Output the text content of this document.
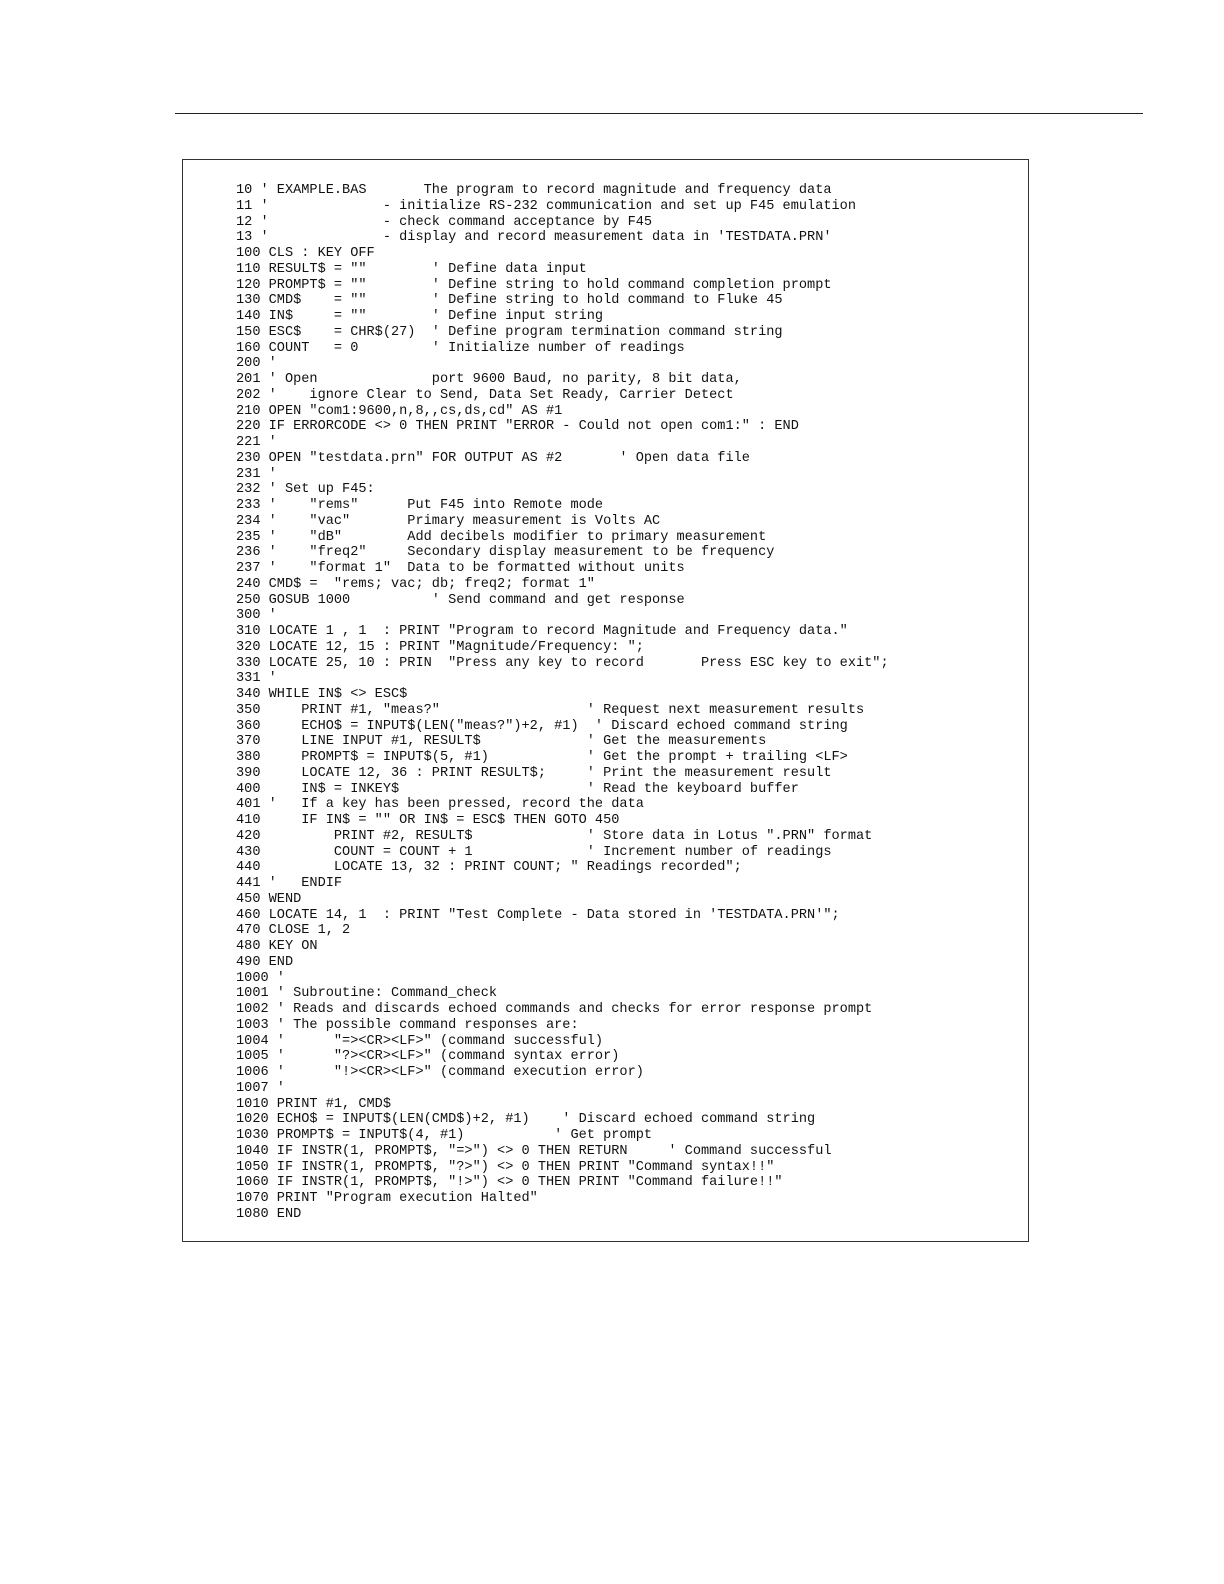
10 ' EXAMPLE.BAS       The program to record magnitude and frequency data
11 '              - initialize RS-232 communication and set up F45 emulation
12 '              - check command acceptance by F45
13 '              - display and record measurement data in 'TESTDATA.PRN'
100 CLS : KEY OFF
110 RESULT$ = ""        ' Define data input
120 PROMPT$ = ""        ' Define string to hold command completion prompt
130 CMD$    = ""        ' Define string to hold command to Fluke 45
140 IN$     = ""        ' Define input string
150 ESC$    = CHR$(27)  ' Define program termination command string
160 COUNT   = 0         ' Initialize number of readings
200 '
201 ' Open              port 9600 Baud, no parity, 8 bit data,
202 '    ignore Clear to Send, Data Set Ready, Carrier Detect
210 OPEN "com1:9600,n,8,,cs,ds,cd" AS #1
220 IF ERRORCODE <> 0 THEN PRINT "ERROR - Could not open com1:" : END
221 '
230 OPEN "testdata.prn" FOR OUTPUT AS #2       ' Open data file
231 '
232 ' Set up F45:
233 '    "rems"      Put F45 into Remote mode
234 '    "vac"       Primary measurement is Volts AC
235 '    "dB"        Add decibels modifier to primary measurement
236 '    "freq2"     Secondary display measurement to be frequency
237 '    "format 1"  Data to be formatted without units
240 CMD$ =  "rems; vac; db; freq2; format 1"
250 GOSUB 1000          ' Send command and get response
300 '
310 LOCATE 1 , 1  : PRINT "Program to record Magnitude and Frequency data."
320 LOCATE 12, 15 : PRINT "Magnitude/Frequency: ";
330 LOCATE 25, 10 : PRIN  "Press any key to record       Press ESC key to exit";
331 '
340 WHILE IN$ <> ESC$
350     PRINT #1, "meas?"                  ' Request next measurement results
360     ECHO$ = INPUT$(LEN("meas?")+2, #1)  ' Discard echoed command string
370     LINE INPUT #1, RESULT$             ' Get the measurements
380     PROMPT$ = INPUT$(5, #1)            ' Get the prompt + trailing <LF>
390     LOCATE 12, 36 : PRINT RESULT$;     ' Print the measurement result
400     IN$ = INKEY$                       ' Read the keyboard buffer
401 '   If a key has been pressed, record the data
410     IF IN$ = "" OR IN$ = ESC$ THEN GOTO 450
420         PRINT #2, RESULT$              ' Store data in Lotus ".PRN" format
430         COUNT = COUNT + 1              ' Increment number of readings
440         LOCATE 13, 32 : PRINT COUNT; " Readings recorded";
441 '   ENDIF
450 WEND
460 LOCATE 14, 1  : PRINT "Test Complete - Data stored in 'TESTDATA.PRN'";
470 CLOSE 1, 2
480 KEY ON
490 END
1000 '
1001 ' Subroutine: Command_check
1002 ' Reads and discards echoed commands and checks for error response prompt
1003 ' The possible command responses are:
1004 '      "=><CR><LF>" (command successful)
1005 '      "?><CR><LF>" (command syntax error)
1006 '      "!><CR><LF>" (command execution error)
1007 '
1010 PRINT #1, CMD$
1020 ECHO$ = INPUT$(LEN(CMD$)+2, #1)    ' Discard echoed command string
1030 PROMPT$ = INPUT$(4, #1)           ' Get prompt
1040 IF INSTR(1, PROMPT$, "=>") <> 0 THEN RETURN     ' Command successful
1050 IF INSTR(1, PROMPT$, "?>") <> 0 THEN PRINT "Command syntax!!"
1060 IF INSTR(1, PROMPT$, "!>") <> 0 THEN PRINT "Command failure!!"
1070 PRINT "Program execution Halted"
1080 END
